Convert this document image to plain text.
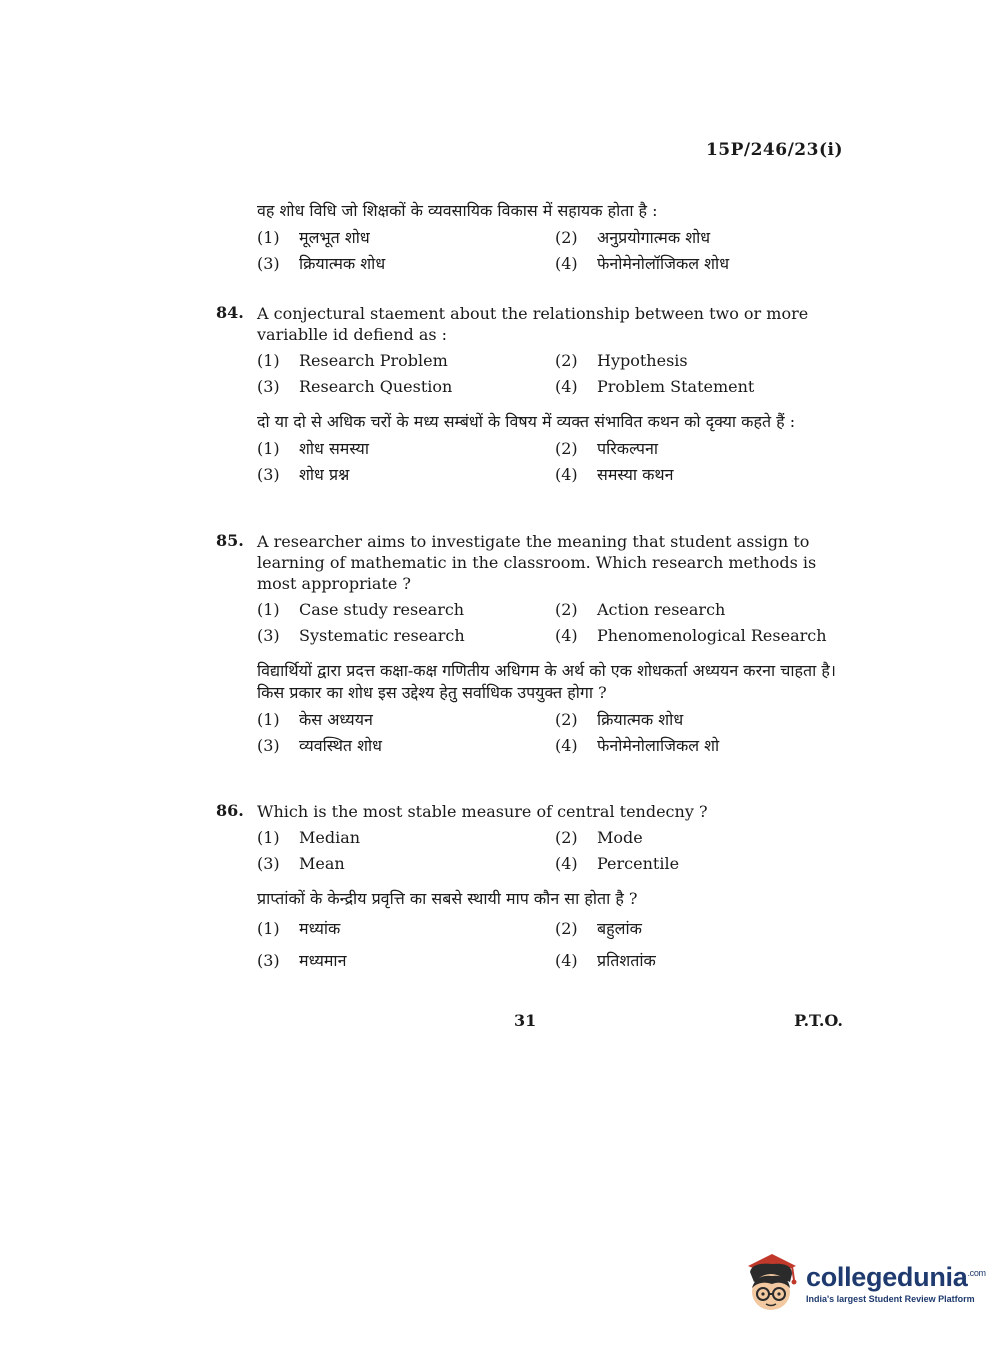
15P/246/23(i)
वह शोध विधि जो शिक्षकों के व्यवसायिक विकास में सहायक होता है :
(1)	मूलभूत शोध	(2)	अनुप्रयोगात्मक शोध
(3)	क्रियात्मक शोध	(4)	फेनोमेनोलॉजिकल शोध
84. A conjectural staement about the relationship between two or more variablle id defiend as :
(1)	Research Problem	(2)	Hypothesis
(3)	Research Question	(4)	Problem Statement
दो या दो से अधिक चरों के मध्य सम्बंधों के विषय में व्यक्त संभावित कथन को दृक्या कहते हैं :
(1)	शोध समस्या	(2)	परिकल्पना
(3)	शोध प्रश्न	(4)	समस्या कथन
85. A researcher aims to investigate the meaning that student assign to learning of mathematic in the classroom. Which research methods is most appropriate ?
(1)	Case study research	(2)	Action research
(3)	Systematic research	(4)	Phenomenological Research
विद्यार्थियों द्वारा प्रदत्त कक्षा-कक्ष गणितीय अधिगम के अर्थ को एक शोधकर्ता अध्ययन करना चाहता है। किस प्रकार का शोध इस उद्देश्य हेतु सर्वाधिक उपयुक्त होगा ?
(1)	केस अध्ययन	(2)	क्रियात्मक शोध
(3)	व्यवस्थित शोध	(4)	फेनोमेनोलाजिकल शो
86. Which is the most stable measure of central tendecny ?
(1)	Median	(2)	Mode
(3)	Mean	(4)	Percentile
प्राप्तांकों के केन्द्रीय प्रवृत्ति का सबसे स्थायी माप कौन सा होता है ?
(1)	मध्यांक	(2)	बहुलांक
(3)	मध्यमान	(4)	प्रतिशतांक
31	P.T.O.
collegedunia$^{.com}$
India's largest Student Review Platform
